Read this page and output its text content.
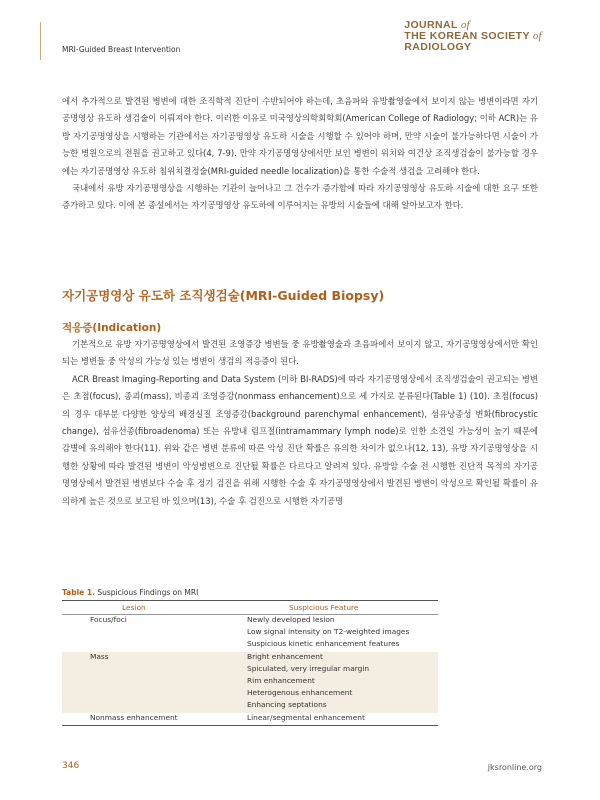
MRI-Guided Breast Intervention
JOURNAL of
THE KOREAN SOCIETY of
RADIOLOGY

에서 추가적으로 발견된 병변에 대한 조직학적 진단이 수반되어야 하는데, 초음파와 유방촬영술에서 보이지 않는 병변이라면 자기공명영상 유도하 생검술이 이뤄져야 한다. 이러한 이유로 미국영상의학회학회(American College of Radiology; 이하 ACR)는 유방 자기공명영상을 시행하는 기관에서는 자기공명영상 유도하 시술을 시행할 수 있어야 하며, 만약 시술이 불가능하다면 시술이 가능한 병원으로의 전원을 권고하고 있다(4, 7-9). 만약 자기공명영상에서만 보인 병변이 위치와 여건상 조직생검술이 불가능할 경우에는 자기공명영상 유도하 침위치결정술(MRI-guided needle localization)을 통한 수술적 생검을 고려해야 한다.

국내에서 유방 자기공명영상을 시행하는 기관이 늘어나고 그 건수가 증가함에 따라 자기공명영상 유도하 시술에 대한 요구 또한 증가하고 있다. 이에 본 종설에서는 자기공명영상 유도하에 이루어지는 유방의 시술들에 대해 알아보고자 한다.

자기공명영상 유도하 조직생검술(MRI-Guided Biopsy)
적응증(Indication)

기본적으로 유방 자기공명영상에서 발견된 조영증강 병변들 중 유방촬영술과 초음파에서 보이지 않고, 자기공명영상에서만 확인되는 병변들 중 악성의 가능성 있는 병변이 생검의 적응증이 된다.

ACR Breast Imaging-Reporting and Data System (이하 BI-RADS)에 따라 자기공명영상에서 조직생검술이 권고되는 병변은 초점(focus), 종괴(mass), 비종괴 조영증강(nonmass enhancement)으로 세 가지로 분류된다(Table 1) (10). 초점(focus)의 경우 대부분 다양한 양상의 배경실질 조영증강(background parenchymal enhancement), 섬유낭종성 변화(fibrocystic change), 섬유선종(fibroadenoma) 또는 유방내 림프절(intramammary lymph node)로 인한 소견일 가능성이 높기 때문에 감별에 유의해야 한다(11). 위와 같은 병변 분류에 따른 악성 진단 확률은 유의한 차이가 없으나(12, 13), 유방 자기공명영상을 시행한 상황에 따라 발견된 병변이 악성병변으로 진단될 확률은 다르다고 알려져 있다. 유방암 수술 전 시행한 진단적 목적의 자기공명영상에서 발견된 병변보다 수술 후 정기 검진을 위해 시행한 수술 후 자기공명영상에서 발견된 병변이 악성으로 확인될 확률이 유의하게 높은 것으로 보고된 바 있으며(13), 수술 후 검진으로 시행한 자기공명

Table 1. Suspicious Findings on MRI
Lesion	Suspicious Feature
Focus/foci	Newly developed lesion
	Low signal intensity on T2-weighted images
	Suspicious kinetic enhancement features
Mass	Bright enhancement
	Spiculated, very irregular margin
	Rim enhancement
	Heterogenous enhancement
	Enhancing septations
Nonmass enhancement	Linear/segmental enhancement
346	jksronline.org
